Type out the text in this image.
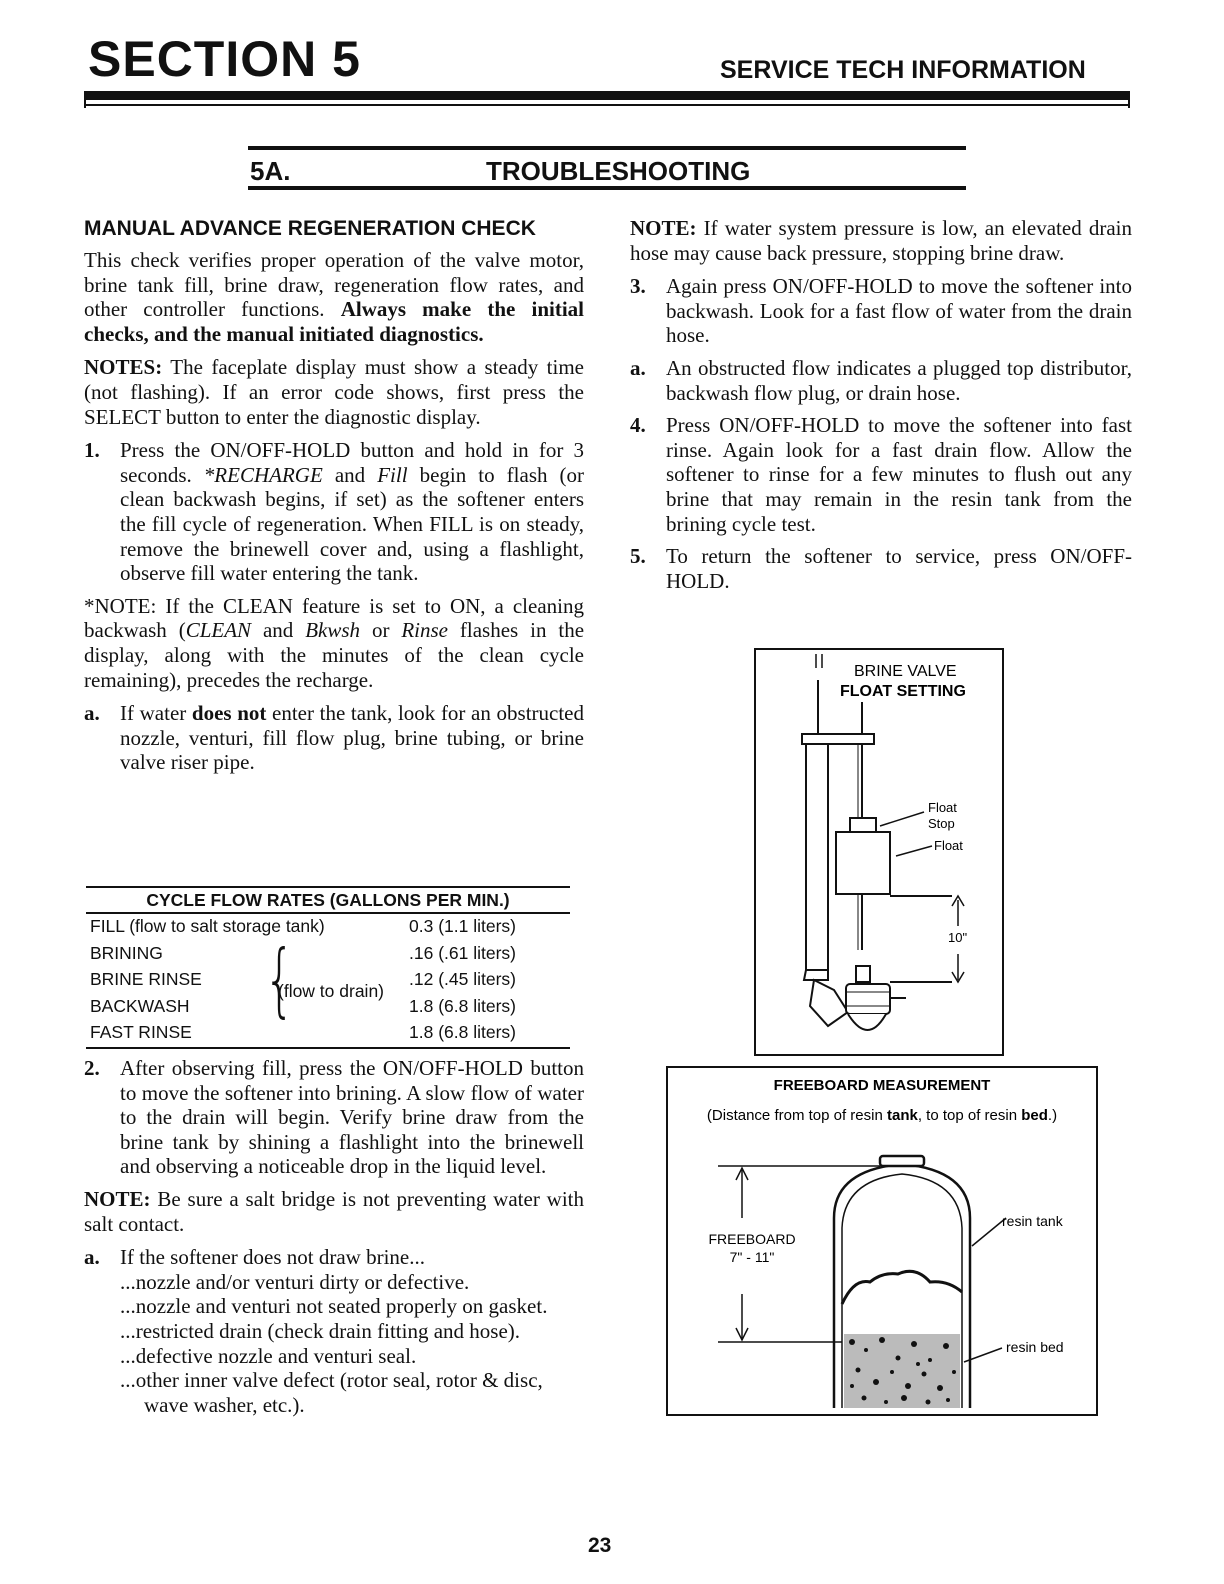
SECTION 5	SERVICE TECH INFORMATION
5A.	TROUBLESHOOTING
MANUAL ADVANCE REGENERATION CHECK

This check verifies proper operation of the valve motor, brine tank fill, brine draw, regeneration flow rates, and other controller functions. Always make the initial checks, and the manual initiated diagnostics.

NOTES: The faceplate display must show a steady time (not flashing). If an error code shows, first press the SELECT button to enter the diagnostic display.

1. Press the ON/OFF-HOLD button and hold in for 3 seconds. *RECHARGE and Fill begin to flash (or clean backwash begins, if set) as the softener enters the fill cycle of regeneration. When FILL is on steady, remove the brinewell cover and, using a flashlight, observe fill water entering the tank.

*NOTE: If the CLEAN feature is set to ON, a cleaning backwash (CLEAN and Bkwsh or Rinse flashes in the display, along with the minutes of the clean cycle remaining), precedes the recharge.

a. If water does not enter the tank, look for an obstructed nozzle, venturi, fill flow plug, brine tubing, or brine valve riser pipe.
CYCLE FLOW RATES (GALLONS PER MIN.)
FILL (flow to salt storage tank)	0.3 (1.1 liters)
BRINING	.16 (.61 liters)
BRINE RINSE	.12 (.45 liters)
BACKWASH	1.8 (6.8 liters)
FAST RINSE	1.8 (6.8 liters)
{
(flow to drain)
2. After observing fill, press the ON/OFF-HOLD button to move the softener into brining. A slow flow of water to the drain will begin. Verify brine draw from the brine tank by shining a flashlight into the brinewell and observing a noticeable drop in the liquid level.

NOTE: Be sure a salt bridge is not preventing water with salt contact.

a. If the softener does not draw brine...
...nozzle and/or venturi dirty or defective.
...nozzle and venturi not seated properly on gasket.
...restricted drain (check drain fitting and hose).
...defective nozzle and venturi seal.
...other inner valve defect (rotor seal, rotor & disc, wave washer, etc.).

NOTE: If water system pressure is low, an elevated drain hose may cause back pressure, stopping brine draw.

3. Again press ON/OFF-HOLD to move the softener into backwash. Look for a fast flow of water from the drain hose.
a. An obstructed flow indicates a plugged top distributor, backwash flow plug, or drain hose.
4. Press ON/OFF-HOLD to move the softener into fast rinse. Again look for a fast drain flow. Allow the softener to rinse for a few minutes to flush out any brine that may remain in the resin tank from the brining cycle test.
5. To return the softener to service, press ON/OFF-HOLD.
BRINE VALVE
FLOAT SETTING
Float
Stop
Float
10"
FREEBOARD MEASUREMENT
(Distance from top of resin tank, to top of resin bed.)
FREEBOARD
7" - 11"
resin tank
resin bed
23
